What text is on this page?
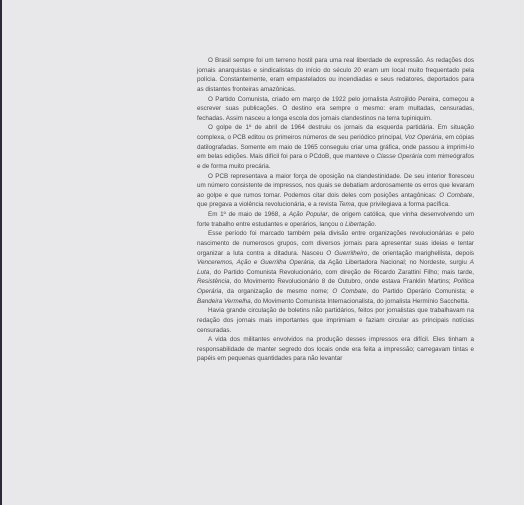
O Brasil sempre foi um terreno hostil para uma real liberdade de expressão. As redações dos jornais anarquistas e sindicalistas do início do século 20 eram um local muito frequentado pela polícia. Constantemente, eram empastelados ou incendiadas e seus redatores, deportados para as distantes fronteiras amazônicas.

O Partido Comunista, criado em março de 1922 pelo jornalista Astrojildo Pereira, começou a escrever suas publicações. O destino era sempre o mesmo: eram multadas, censuradas, fechadas. Assim nasceu a longa escola dos jornais clandestinos na terra tupiniquim.

O golpe de 1º de abril de 1964 destruiu os jornais da esquerda partidária. Em situação complexa, o PCB editou os primeiros números de seu periódico principal, Voz Operária, em cópias datilografadas. Somente em maio de 1965 conseguiu criar uma gráfica, onde passou a imprimi-lo em belas edições. Mais difícil foi para o PCdoB, que manteve o Classe Operária com mimeógrafos e de forma muito precária.

O PCB representava a maior força de oposição na clandestinidade. De seu interior floresceu um número consistente de impressos, nos quais se debatiam ardorosamente os erros que levaram ao golpe e que rumos tomar. Podemos citar dois deles com posições antagônicas: O Combate, que pregava a violência revolucionária, e a revista Tema, que privilegiava a forma pacífica.

Em 1º de maio de 1968, a Ação Popular, de origem católica, que vinha desenvolvendo um forte trabalho entre estudantes e operários, lançou o Libertação.

Esse período foi marcado também pela divisão entre organizações revolucionárias e pelo nascimento de numerosos grupos, com diversos jornais para apresentar suas ideias e tentar organizar a luta contra a ditadura. Nasceu O Guerrilheiro, de orientação marighellista, depois Venceremos, Ação e Guerrilha Operária, da Ação Libertadora Nacional; no Nordeste, surgiu A Luta, do Partido Comunista Revolucionário, com direção de Ricardo Zarattini Filho; mais tarde, Resistência, do Movimento Revolucionário 8 de Outubro, onde estava Franklin Martins; Política Operária, da organização de mesmo nome; O Combate, do Partido Operário Comunista; e Bandeira Vermelha, do Movimento Comunista Internacionalista, do jornalista Hermínio Sacchetta.

Havia grande circulação de boletins não partidários, feitos por jornalistas que trabalhavam na redação dos jornais mais importantes que imprimiam e faziam circular as principais notícias censuradas.

A vida dos militantes envolvidos na produção desses impressos era difícil. Eles tinham a responsabilidade de manter segredo dos locais onde era feita a impressão; carregavam tintas e papéis em pequenas quantidades para não levantar
